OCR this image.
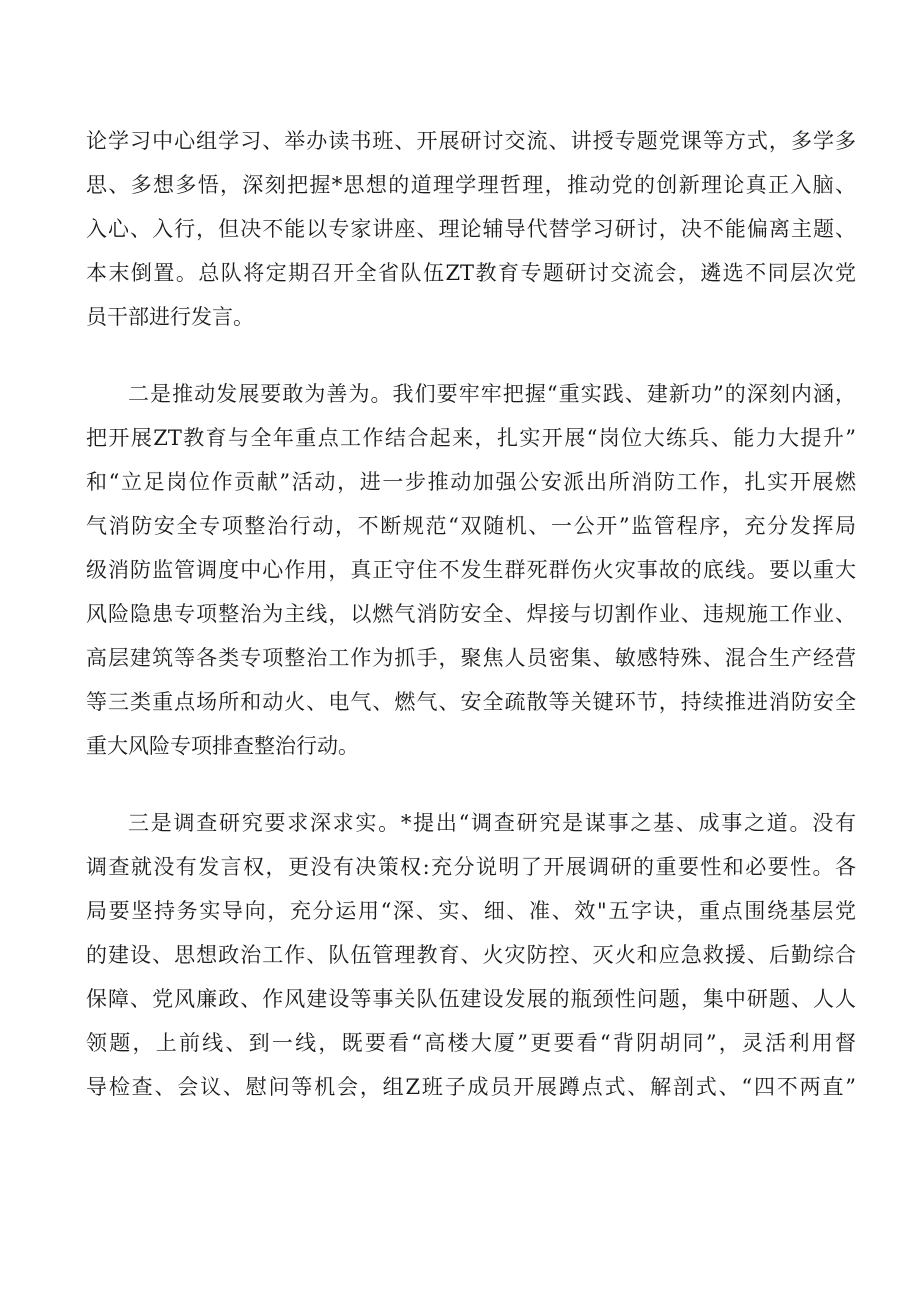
论学习中心组学习、举办读书班、开展研讨交流、讲授专题党课等方式，多学多
思、多想多悟，深刻把握*思想的道理学理哲理，推动党的创新理论真正入脑、
入心、入行，但决不能以专家讲座、理论辅导代替学习研讨，决不能偏离主题、
本末倒置。总队将定期召开全省队伍ZT教育专题研讨交流会，遴选不同层次党
员干部进行发言。
二是推动发展要敢为善为。我们要牢牢把握“重实践、建新功”的深刻内涵，
把开展ZT教育与全年重点工作结合起来，扎实开展“岗位大练兵、能力大提升”
和“立足岗位作贡献”活动，进一步推动加强公安派出所消防工作，扎实开展燃
气消防安全专项整治行动，不断规范“双随机、一公开”监管程序，充分发挥局
级消防监管调度中心作用，真正守住不发生群死群伤火灾事故的底线。要以重大
风险隐患专项整治为主线，以燃气消防安全、焊接与切割作业、违规施工作业、
高层建筑等各类专项整治工作为抓手，聚焦人员密集、敏感特殊、混合生产经营
等三类重点场所和动火、电气、燃气、安全疏散等关键环节，持续推进消防安全
重大风险专项排查整治行动。
三是调查研究要求深求实。*提出“调查研究是谋事之基、成事之道。没有
调查就没有发言权，更没有决策权:充分说明了开展调研的重要性和必要性。各
局要坚持务实导向，充分运用“深、实、细、准、效"五字诀，重点围绕基层党
的建设、思想政治工作、队伍管理教育、火灾防控、灭火和应急救援、后勤综合
保障、党风廉政、作风建设等事关队伍建设发展的瓶颈性问题，集中研题、人人
领题，上前线、到一线，既要看“高楼大厦”更要看“背阴胡同”，灵活利用督
导检查、会议、慰问等机会，组Z班子成员开展蹲点式、解剖式、“四不两直”
